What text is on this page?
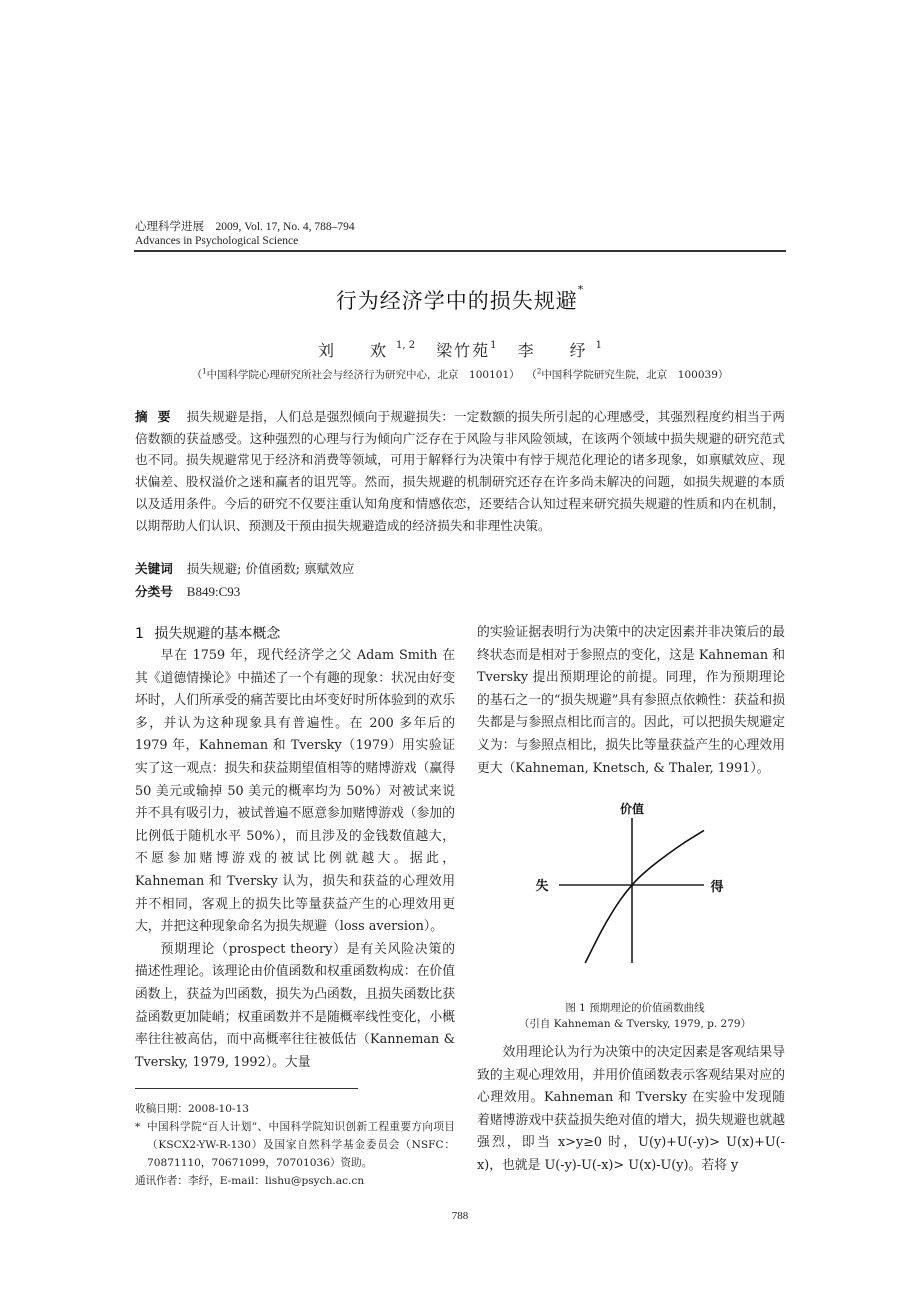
心理科学进展 2009, Vol. 17, No. 4, 788–794
Advances in Psychological Science
行为经济学中的损失规避*
刘　欢$^{1, 2}$ 梁竹苑$^1$ 李　纾$^1$
（$^1$中国科学院心理研究所社会与经济行为研究中心，北京　100101）  （$^2$中国科学院研究生院，北京　100039）
摘要 损失规避是指，人们总是强烈倾向于规避损失：一定数额的损失所引起的心理感受，其强烈程度约相当于两倍数额的获益感受。这种强烈的心理与行为倾向广泛存在于风险与非风险领域，在该两个领域中损失规避的研究范式也不同。损失规避常见于经济和消费等领域，可用于解释行为决策中有悖于规范化理论的诸多现象，如禀赋效应、现状偏差、股权溢价之迷和赢者的诅咒等。然而，损失规避的机制研究还存在许多尚未解决的问题，如损失规避的本质以及适用条件。今后的研究不仅要注重认知角度和情感依恋，还要结合认知过程来研究损失规避的性质和内在机制，以期帮助人们认识、预测及干预由损失规避造成的经济损失和非理性决策。
关键词 损失规避; 价值函数; 禀赋效应
分类号 B849:C93
1 损失规避的基本概念

早在 1759 年，现代经济学之父 Adam Smith 在其《道德情操论》中描述了一个有趣的现象：状况由好变坏时，人们所承受的痛苦要比由坏变好时所体验到的欢乐多，并认为这种现象具有普遍性。在 200 多年后的 1979 年，Kahneman 和 Tversky（1979）用实验证实了这一观点：损失和获益期望值相等的赌博游戏（赢得 50 美元或输掉 50 美元的概率均为 50%）对被试来说并不具有吸引力，被试普遍不愿意参加赌博游戏（参加的比例低于随机水平 50%），而且涉及的金钱数值越大，不愿参加赌博游戏的被试比例就越大。据此，Kahneman 和 Tversky 认为，损失和获益的心理效用并不相同，客观上的损失比等量获益产生的心理效用更大，并把这种现象命名为损失规避（loss aversion）。

预期理论（prospect theory）是有关风险决策的描述性理论。该理论由价值函数和权重函数构成：在价值函数上，获益为凹函数，损失为凸函数，且损失函数比获益函数更加陡峭；权重函数并不是随概率线性变化，小概率往往被高估，而中高概率往往被低估（Kanneman & Tversky, 1979, 1992）。大量

收稿日期：2008-10-13
* 中国科学院“百人计划”、中国科学院知识创新工程重要方向项目（KSCX2-YW-R-130）及国家自然科学基金委员会（NSFC：70871110，70671099，70701036）资助。
通讯作者：李纾，E-mail：lishu@psych.ac.cn

的实验证据表明行为决策中的决定因素并非决策后的最终状态而是相对于参照点的变化，这是 Kahneman 和 Tversky 提出预期理论的前提。同理，作为预期理论的基石之一的“损失规避”具有参照点依赖性：获益和损失都是与参照点相比而言的。因此，可以把损失规避定义为：与参照点相比，损失比等量获益产生的心理效用更大（Kahneman, Knetsch, & Thaler, 1991）。

价值
失	得
图 1 预期理论的价值函数曲线
（引自 Kahneman & Tversky, 1979, p. 279）

效用理论认为行为决策中的决定因素是客观结果导致的主观心理效用，并用价值函数表示客观结果对应的心理效用。Kahneman 和 Tversky 在实验中发现随着赌博游戏中获益损失绝对值的增大，损失规避也就越强烈，即当 x>y≥0 时，U(y)+U(-y)> U(x)+U(-x)，也就是 U(-y)-U(-x)> U(x)-U(y)。若将 y

788
